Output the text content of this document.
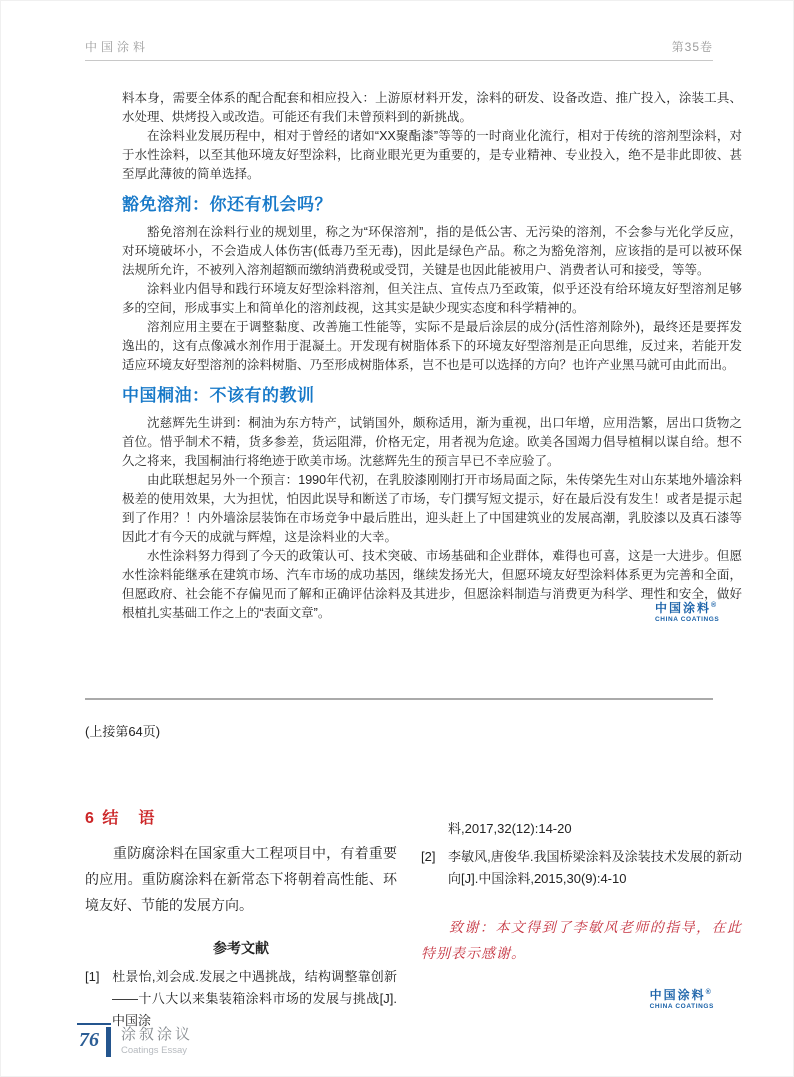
中国涂料	第35卷

料本身，需要全体系的配合配套和相应投入：上游原材料开发，涂料的研发、设备改造、推广投入，涂装工具、水处理、烘烤投入或改造。可能还有我们未曾预料到的新挑战。

在涂料业发展历程中，相对于曾经的诸如“XX聚酯漆”等等的一时商业化流行，相对于传统的溶剂型涂料，对于水性涂料，以至其他环境友好型涂料，比商业眼光更为重要的，是专业精神、专业投入，绝不是非此即彼、甚至厚此薄彼的简单选择。

豁免溶剂：你还有机会吗？

豁免溶剂在涂料行业的规划里，称之为“环保溶剂”，指的是低公害、无污染的溶剂，不会参与光化学反应，对环境破坏小，不会造成人体伤害(低毒乃至无毒)，因此是绿色产品。称之为豁免溶剂，应该指的是可以被环保法规所允许，不被列入溶剂超额而缴纳消费税或受罚，关键是也因此能被用户、消费者认可和接受，等等。

涂料业内倡导和践行环境友好型涂料溶剂，但关注点、宣传点乃至政策，似乎还没有给环境友好型溶剂足够多的空间，形成事实上和简单化的溶剂歧视，这其实是缺少现实态度和科学精神的。

溶剂应用主要在于调整黏度、改善施工性能等，实际不是最后涂层的成分(活性溶剂除外)，最终还是要挥发逸出的，这有点像减水剂作用于混凝土。开发现有树脂体系下的环境友好型溶剂是正向思维，反过来，若能开发适应环境友好型溶剂的涂料树脂、乃至形成树脂体系，岂不也是可以选择的方向？也许产业黑马就可由此而出。

中国桐油：不该有的教训

沈慈辉先生讲到：桐油为东方特产，试销国外，颇称适用，渐为重视，出口年增，应用浩繁，居出口货物之首位。惜乎制术不精，货多参差，货运阻滞，价格无定，用者视为危途。欧美各国竭力倡导植桐以谋自给。想不久之将来，我国桐油行将绝迹于欧美市场。沈慈辉先生的预言早已不幸应验了。

由此联想起另外一个预言：1990年代初，在乳胶漆刚刚打开市场局面之际，朱传棨先生对山东某地外墙涂料极差的使用效果，大为担忧，怕因此误导和断送了市场，专门撰写短文提示，好在最后没有发生！或者是提示起到了作用？！内外墙涂层装饰在市场竞争中最后胜出，迎头赶上了中国建筑业的发展高潮，乳胶漆以及真石漆等因此才有今天的成就与辉煌，这是涂料业的大幸。

水性涂料努力得到了今天的政策认可、技术突破、市场基础和企业群体，难得也可喜，这是一大进步。但愿水性涂料能继承在建筑市场、汽车市场的成功基因，继续发扬光大，但愿环境友好型涂料体系更为完善和全面，但愿政府、社会能不存偏见而了解和正确评估涂料及其进步，但愿涂料制造与消费更为科学、理性和安全，做好根植扎实基础工作之上的“表面文章”。	中国涂料®
CHINA COATINGS
(上接第64页)
6 结　语

重防腐涂料在国家重大工程项目中，有着重要的应用。重防腐涂料在新常态下将朝着高性能、环境友好、节能的发展方向。

参考文献

[1] 杜景怡,刘会成.发展之中遇挑战，结构调整靠创新——十八大以来集装箱涂料市场的发展与挑战[J].中国涂

料,2017,32(12):14-20

[2] 李敏风,唐俊华.我国桥梁涂料及涂装技术发展的新动向[J].中国涂料,2015,30(9):4-10

致谢：本文得到了李敏风老师的指导，在此特别表示感谢。

中国涂料®
CHINA COATINGS
76	涂叙涂议
Coatings Essay
